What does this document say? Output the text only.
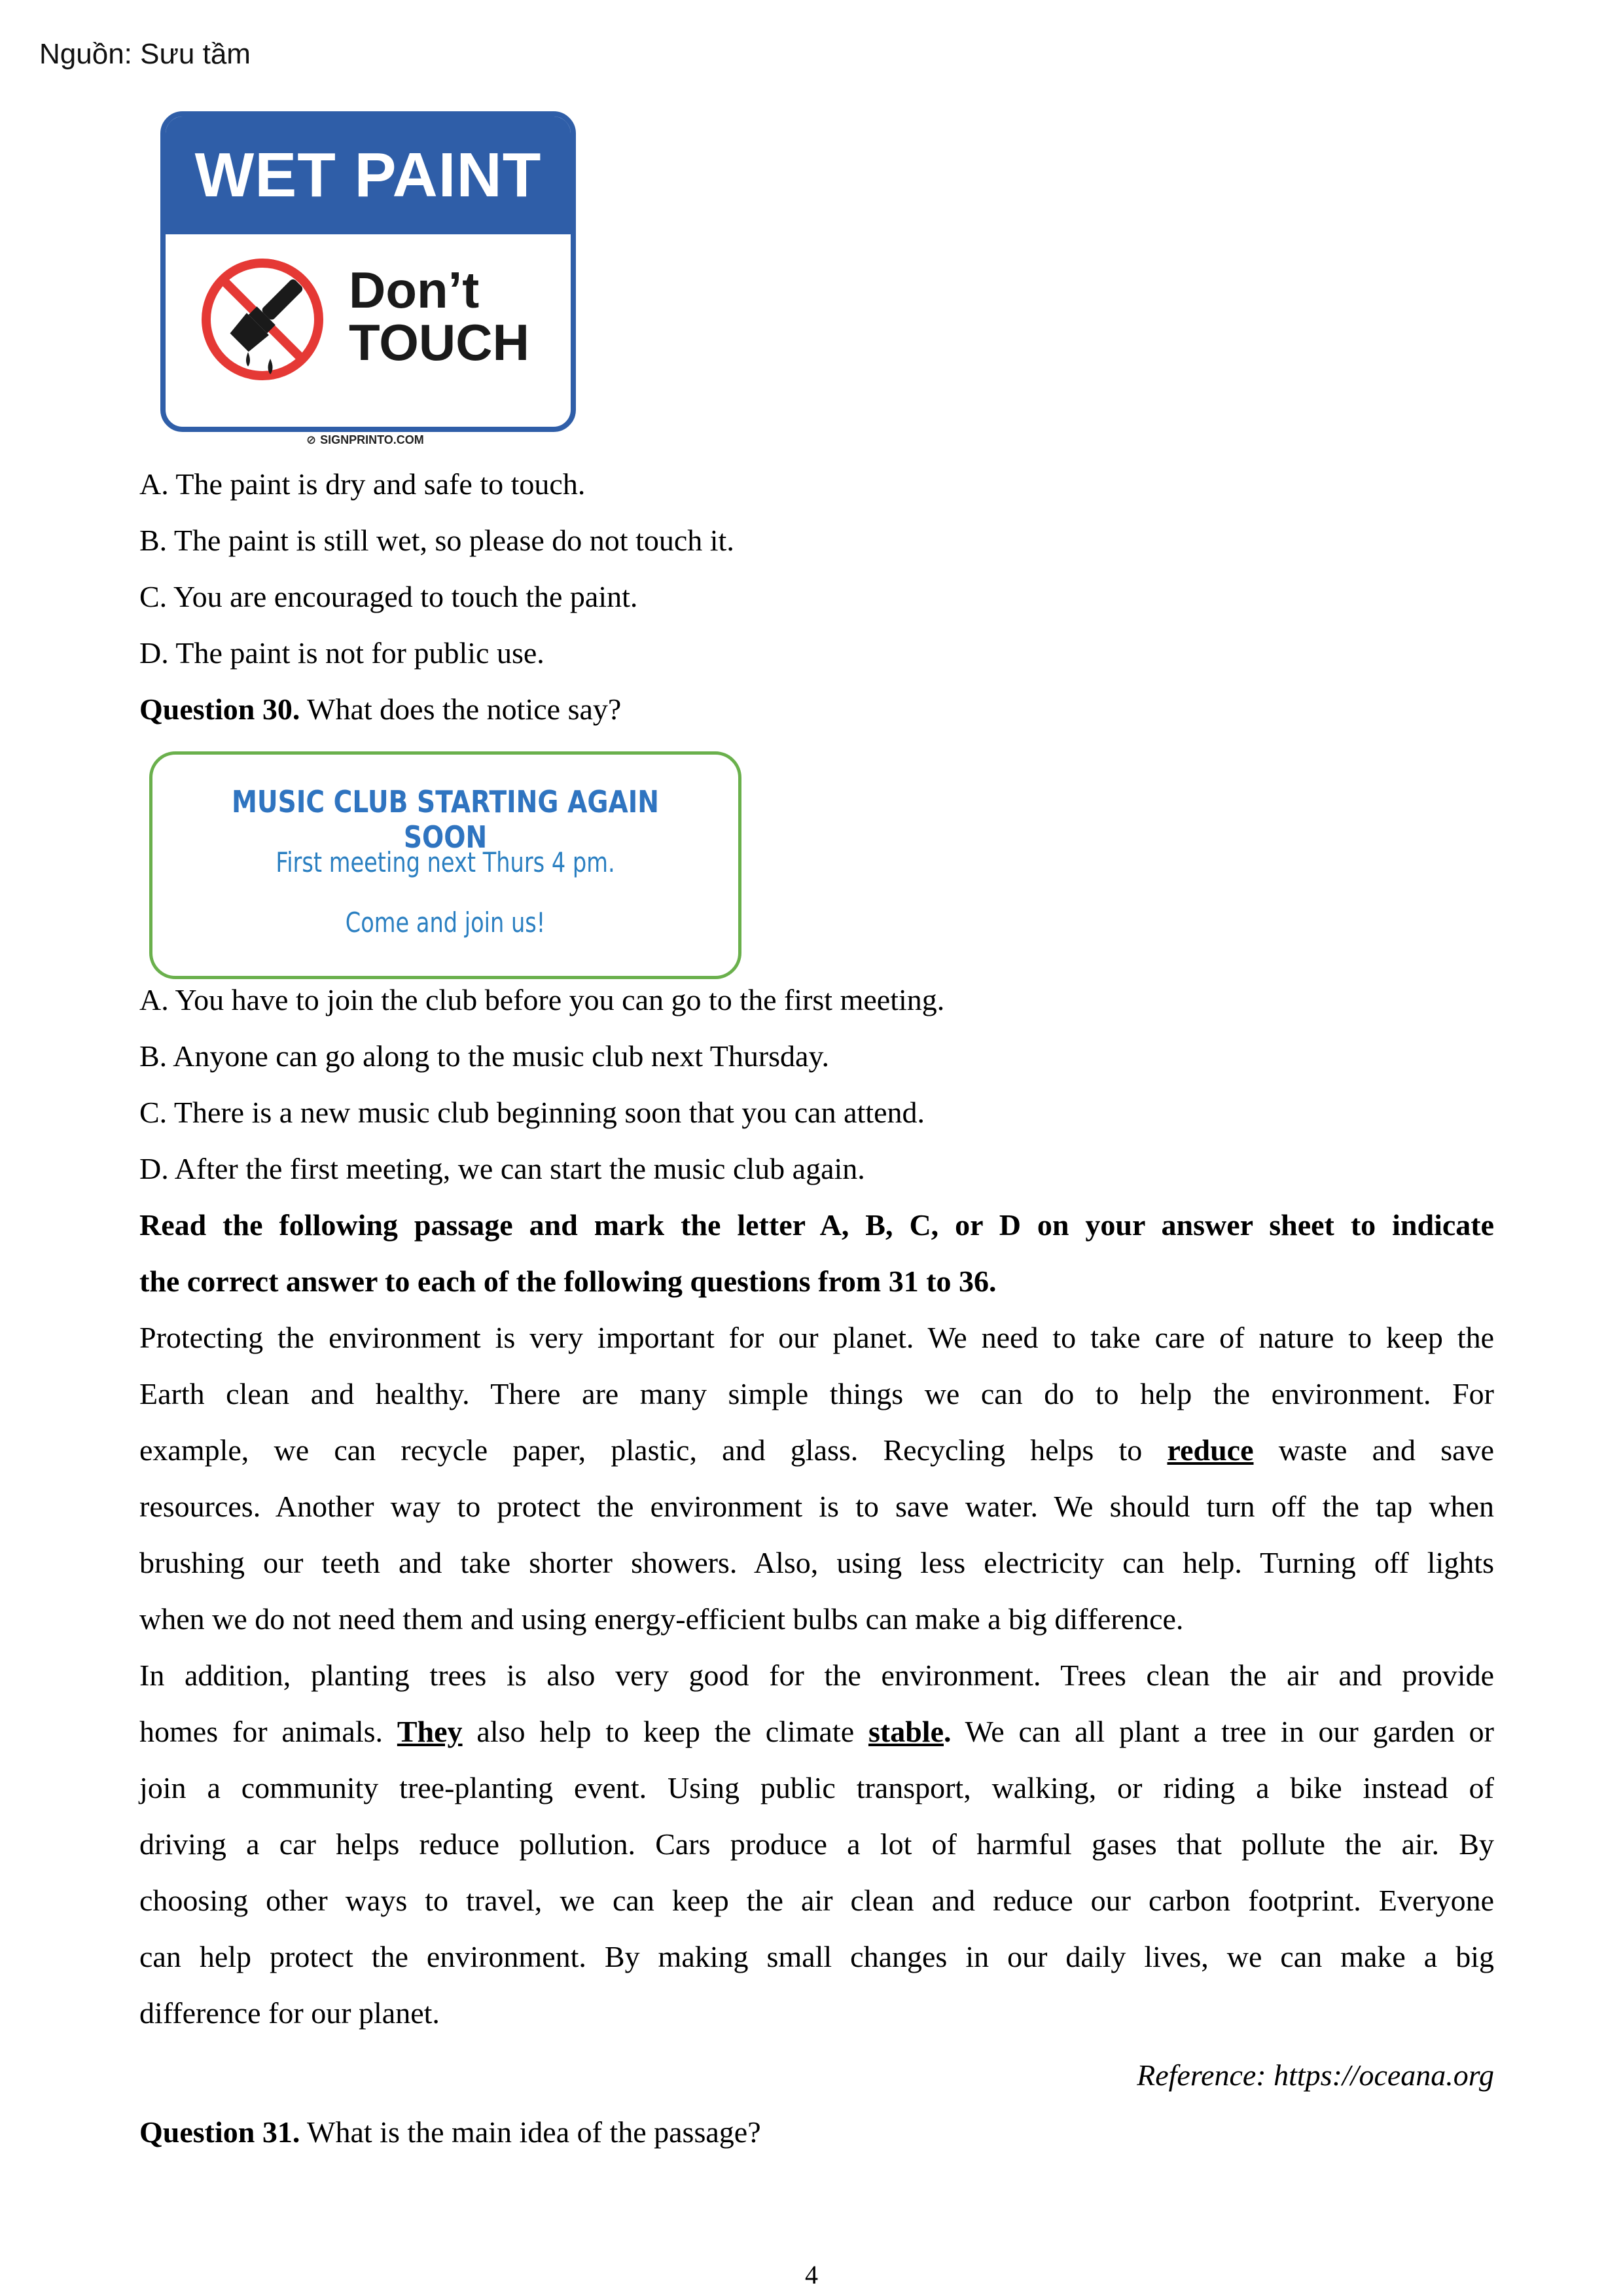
Nguồn: Sưu tầm
WET PAINT
Don’t
TOUCH
⊘ SIGNPRINTO.COM
A. The paint is dry and safe to touch.
B. The paint is still wet, so please do not touch it.
C. You are encouraged to touch the paint.
D. The paint is not for public use.
Question 30. What does the notice say?
MUSIC CLUB STARTING AGAIN SOON
First meeting next Thurs 4 pm.
Come and join us!
A. You have to join the club before you can go to the first meeting.
B. Anyone can go along to the music club next Thursday.
C. There is a new music club beginning soon that you can attend.
D. After the first meeting, we can start the music club again.
Read the following passage and mark the letter A, B, C, or D on your answer sheet to indicate
the correct answer to each of the following questions from 31 to 36.
Protecting the environment is very important for our planet. We need to take care of nature to keep the
Earth clean and healthy. There are many simple things we can do to help the environment. For
example, we can recycle paper, plastic, and glass. Recycling helps to reduce waste and save
resources. Another way to protect the environment is to save water. We should turn off the tap when
brushing our teeth and take shorter showers. Also, using less electricity can help. Turning off lights
when we do not need them and using energy-efficient bulbs can make a big difference.
In addition, planting trees is also very good for the environment. Trees clean the air and provide
homes for animals. They also help to keep the climate stable. We can all plant a tree in our garden or
join a community tree-planting event. Using public transport, walking, or riding a bike instead of
driving a car helps reduce pollution. Cars produce a lot of harmful gases that pollute the air. By
choosing other ways to travel, we can keep the air clean and reduce our carbon footprint. Everyone
can help protect the environment. By making small changes in our daily lives, we can make a big
difference for our planet.
Reference: https://oceana.org
Question 31. What is the main idea of the passage?
4
